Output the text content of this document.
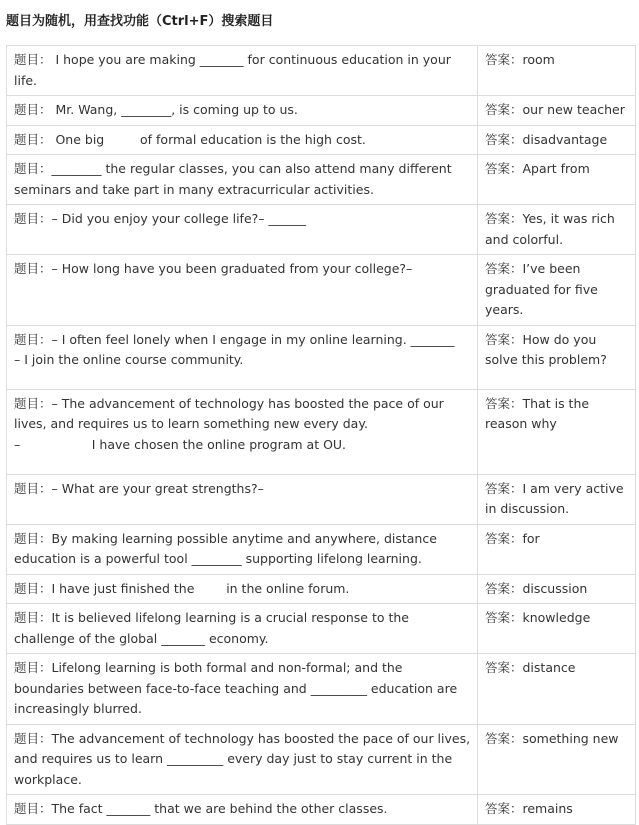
题目为随机，用查找功能（Ctrl+F）搜索题目
题目： I hope you are making _______ for continuous education in your life.	答案：room
题目： Mr. Wang, ________, is coming up to us.	答案：our new teacher
题目： One big         of formal education is the high cost.	答案：disadvantage
题目：________ the regular classes, you can also attend many different seminars and take part in many extracurricular activities.	答案：Apart from
题目：– Did you enjoy your college life?– ______	答案：Yes, it was rich and colorful.
题目：– How long have you been graduated from your college?–	答案：I’ve been graduated for five years.
题目：– I often feel lonely when I engage in my online learning. _______
– I join the online course community.	答案：How do you solve this problem?
题目：– The advancement of technology has boosted the pace of our lives, and requires us to learn something new every day.
–                  I have chosen the online program at OU.	答案：That is the reason why
题目：– What are your great strengths?–	答案：I am very active in discussion.
题目：By making learning possible anytime and anywhere, distance education is a powerful tool ________ supporting lifelong learning.	答案：for
题目：I have just finished the        in the online forum.	答案：discussion
题目：It is believed lifelong learning is a crucial response to the challenge of the global _______ economy.	答案：knowledge
题目：Lifelong learning is both formal and non-formal; and the boundaries between face-to-face teaching and _________ education are increasingly blurred.	答案：distance
题目：The advancement of technology has boosted the pace of our lives, and requires us to learn _________ every day just to stay current in the workplace.	答案：something new
题目：The fact _______ that we are behind the other classes.	答案：remains
